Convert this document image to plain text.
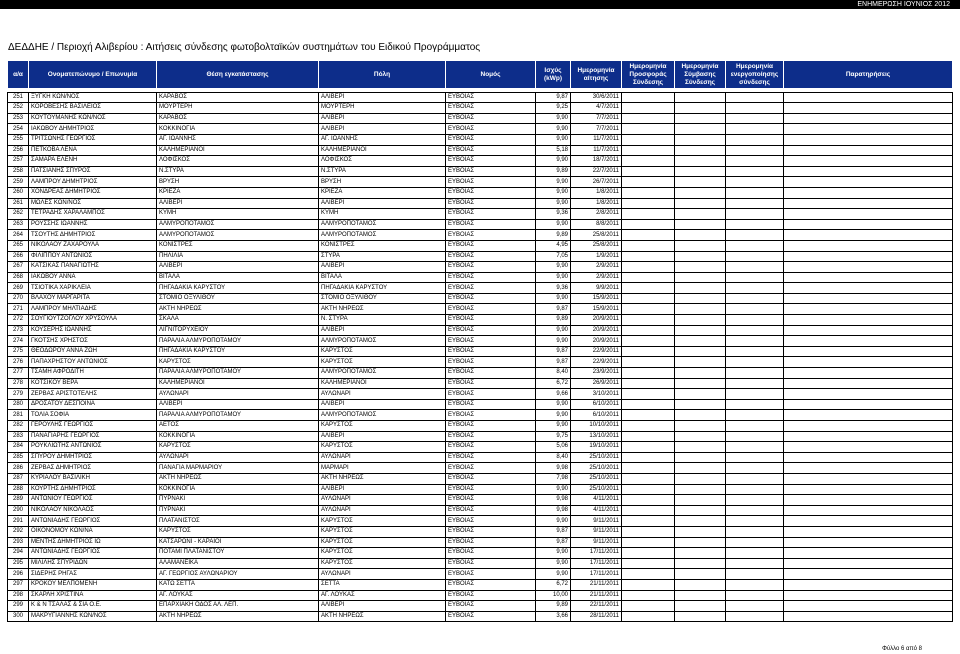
ΕΝΗΜΕΡΩΣΗ ΙΟΥΝΙΟΣ 2012
ΔΕΔΔΗΕ / Περιοχή Αλιβερίου : Αιτήσεις σύνδεσης φωτοβολταϊκών συστημάτων του Ειδικού Προγράμματος
α/α	Ονοματεπώνυμο / Επωνυμία	Θέση εγκατάστασης	Πόλη	Νομός	Ισχύς (kWp)	Ημερομηνία αίτησης	Ημερομηνία Προσφοράς Σύνδεσης	Ημερομηνία Σύμβασης Σύνδεσης	Ημερομηνία ενεργοποίησης σύνδεσης	Παρατηρήσεις

251	ΞΥΓΚΗ ΚΩΝ/ΝΟΣ	ΚΑΡΑΒΟΣ	ΑΛΙΒΕΡΙ	ΕΥΒΟΙΑΣ	9,87	30/6/2011				
252	ΚΟΡΟΒΕΣΗΣ ΒΑΣΙΛΕΙΟΣ	ΜΟΥΡΤΕΡΗ	ΜΟΥΡΤΕΡΗ	ΕΥΒΟΙΑΣ	9,25	4/7/2011				
253	ΚΟΥΤΟΥΜΑΝΗΣ ΚΩΝ/ΝΟΣ	ΚΑΡΑΒΟΣ	ΑΛΙΒΕΡΙ	ΕΥΒΟΙΑΣ	9,90	7/7/2011				
254	ΙΑΚΩΒΟΥ ΔΗΜΗΤΡΙΟΣ	ΚΟΚΚΙΝΟΓΙΑ	ΑΛΙΒΕΡΙ	ΕΥΒΟΙΑΣ	9,90	7/7/2011				
255	ΤΡΙΤΣΩΝΗΣ ΓΕΩΡΓΙΟΣ	ΑΓ. ΙΩΑΝΝΗΣ	ΑΓ. ΙΩΑΝΝΗΣ	ΕΥΒΟΙΑΣ	9,90	11/7/2011				
256	ΠΕΤΚΟΒΑ ΛΕΝΑ	ΚΑΛΗΜΕΡΙΑΝΟΙ	ΚΑΛΗΜΕΡΙΑΝΟΙ	ΕΥΒΟΙΑΣ	5,18	11/7/2011				
257	ΣΑΜΑΡΑ ΕΛΕΝΗ	ΛΟΦΙΣΚΟΣ	ΛΟΦΙΣΚΟΣ	ΕΥΒΟΙΑΣ	9,90	18/7/2011				
258	ΠΑΤΣΙΑΝΗΣ ΣΠΥΡΟΣ	Ν.ΣΤΥΡΑ	Ν.ΣΤΥΡΑ	ΕΥΒΟΙΑΣ	9,89	22/7/2011				
259	ΛΑΜΠΡΟΥ ΔΗΜΗΤΡΙΟΣ	ΒΡΥΣΗ	ΒΡΥΣΗ	ΕΥΒΟΙΑΣ	9,90	26/7/2011				
260	ΧΟΝΔΡΕΑΣ ΔΗΜΗΤΡΙΟΣ	ΚΡΙΕΖΑ	ΚΡΙΕΖΑ	ΕΥΒΟΙΑΣ	9,90	1/8/2011				
261	ΜΩΛΕΣ ΚΩΝ/ΝΟΣ	ΑΛΙΒΕΡΙ	ΑΛΙΒΕΡΙ	ΕΥΒΟΙΑΣ	9,90	1/8/2011				
262	ΤΕΤΡΑΔΗΣ ΧΑΡΑΛΑΜΠΟΣ	ΚΥΜΗ	ΚΥΜΗ	ΕΥΒΟΙΑΣ	9,36	2/8/2011				
263	ΡΟΥΣΣΗΣ ΙΩΑΝΝΗΣ	ΑΛΜΥΡΟΠΟΤΑΜΟΣ	ΑΛΜΥΡΟΠΟΤΑΜΟΣ	ΕΥΒΟΙΑΣ	9,90	8/8/2011				
264	ΤΣΟΥΤΗΣ ΔΗΜΗΤΡΙΟΣ	ΑΛΜΥΡΟΠΟΤΑΜΟΣ	ΑΛΜΥΡΟΠΟΤΑΜΟΣ	ΕΥΒΟΙΑΣ	9,89	25/8/2011				
265	ΝΙΚΟΛΑΟΥ ΖΑΧΑΡΟΥΛΑ	ΚΟΝΙΣΤΡΕΣ	ΚΟΝΙΣΤΡΕΣ	ΕΥΒΟΙΑΣ	4,95	25/8/2011				
266	ΦΙΛΙΠΠΟΥ ΑΝΤΩΝΙΟΣ	ΠΗΛΙΛΙΑ	ΣΤΥΡΑ	ΕΥΒΟΙΑΣ	7,05	1/9/2011				
267	ΚΑΤΣΙΚΑΣ ΠΑΝΑΓΙΩΤΗΣ	ΑΛΙΒΕΡΙ	ΑΛΙΒΕΡΙ	ΕΥΒΟΙΑΣ	9,90	2/9/2011				
268	ΙΑΚΩΒΟΥ ΑΝΝΑ	ΒΙΤΑΛΑ	ΒΙΤΑΛΑ	ΕΥΒΟΙΑΣ	9,90	2/9/2011				
269	ΤΣΙΟΤΙΚΑ ΧΑΡΙΚΛΕΙΑ	ΠΗΓΑΔΑΚΙΑ ΚΑΡΥΣΤΟΥ	ΠΗΓΑΔΑΚΙΑ ΚΑΡΥΣΤΟΥ	ΕΥΒΟΙΑΣ	9,36	9/9/2011				
270	ΒΛΑΧΟΥ ΜΑΡΓΑΡΙΤΑ	ΣΤΟΜΙΟ ΟΞΥΛΙΘΟΥ	ΣΤΟΜΙΟ ΟΞΥΛΙΘΟΥ	ΕΥΒΟΙΑΣ	9,90	15/9/2011				
271	ΛΑΜΠΡΟΥ ΜΗΛΤΙΑΔΗΣ	ΑΚΤΗ ΝΗΡΕΩΣ	ΑΚΤΗ ΝΗΡΕΩΣ	ΕΥΒΟΙΑΣ	9,87	15/9/2011				
272	ΣΟΥΓΙΟΥΤΖΟΓΛΟΥ ΧΡΥΣΟΥΛΑ	ΣΚΑΛΑ	Ν. ΣΤΥΡΑ	ΕΥΒΟΙΑΣ	9,89	20/9/2011				
273	ΚΟΥΣΕΡΗΣ ΙΩΑΝΝΗΣ	ΛΙΓΝΙΤΟΡΥΧΕΙΟΥ	ΑΛΙΒΕΡΙ	ΕΥΒΟΙΑΣ	9,90	20/9/2011				
274	ΓΚΟΤΣΗΣ ΧΡΗΣΤΟΣ	ΠΑΡΑΛΙΑ ΑΛΜΥΡΟΠΟΤΑΜΟΥ	ΑΛΜΥΡΟΠΟΤΑΜΟΣ	ΕΥΒΟΙΑΣ	9,90	20/9/2011				
275	ΘΕΟΔΩΡΟΥ ΑΝΝΑ ΖΩΗ	ΠΗΓΑΔΑΚΙΑ ΚΑΡΥΣΤΟΥ	ΚΑΡΥΣΤΟΣ	ΕΥΒΟΙΑΣ	9,87	22/9/2011				
276	ΠΑΠΑΧΡΗΣΤΟΥ ΑΝΤΩΝΙΟΣ	ΚΑΡΥΣΤΟΣ	ΚΑΡΥΣΤΟΣ	ΕΥΒΟΙΑΣ	9,87	22/9/2011				
277	ΤΣΑΜΗ ΑΦΡΟΔΙΤΗ	ΠΑΡΑΛΙΑ ΑΛΜΥΡΟΠΟΤΑΜΟΥ	ΑΛΜΥΡΟΠΟΤΑΜΟΣ	ΕΥΒΟΙΑΣ	8,40	23/9/2011				
278	ΚΟΤΣΙΚΟΥ ΒΕΡΑ	ΚΑΛΗΜΕΡΙΑΝΟΙ	ΚΑΛΗΜΕΡΙΑΝΟΙ	ΕΥΒΟΙΑΣ	6,72	26/9/2011				
279	ΖΕΡΒΑΣ ΑΡΙΣΤΟΤΕΛΗΣ	ΑΥΛΩΝΑΡΙ	ΑΥΛΩΝΑΡΙ	ΕΥΒΟΙΑΣ	9,66	3/10/2011				
280	ΔΡΟΣΑΤΟΥ ΔΕΣΠΟΙΝΑ	ΑΛΙΒΕΡΙ	ΑΛΙΒΕΡΙ	ΕΥΒΟΙΑΣ	9,90	6/10/2011				
281	ΤΟΛΙΑ ΣΟΦΙΑ	ΠΑΡΑΛΙΑ ΑΛΜΥΡΟΠΟΤΑΜΟΥ	ΑΛΜΥΡΟΠΟΤΑΜΟΣ	ΕΥΒΟΙΑΣ	9,90	6/10/2011				
282	ΓΕΡΟΥΛΗΣ ΓΕΩΡΓΙΟΣ	ΑΕΤΟΣ	ΚΑΡΥΣΤΟΣ	ΕΥΒΟΙΑΣ	9,90	10/10/2011				
283	ΠΑΝΑΓΙΑΡΗΣ ΓΕΩΡΓΙΟΣ	ΚΟΚΚΙΝΟΓΙΑ	ΑΛΙΒΕΡΙ	ΕΥΒΟΙΑΣ	9,75	13/10/2011				
284	ΡΟΥΚΛΙΩΤΗΣ ΑΝΤΩΝΙΟΣ	ΚΑΡΥΣΤΟΣ	ΚΑΡΥΣΤΟΣ	ΕΥΒΟΙΑΣ	5,06	19/10/2011				
285	ΣΠΥΡΟΥ ΔΗΜΗΤΡΙΟΣ	ΑΥΛΩΝΑΡΙ	ΑΥΛΩΝΑΡΙ	ΕΥΒΟΙΑΣ	8,40	25/10/2011				
286	ΖΕΡΒΑΣ ΔΗΜΗΤΡΙΟΣ	ΠΑΝΑΓΙΑ ΜΑΡΜΑΡΙΟΥ	ΜΑΡΜΑΡΙ	ΕΥΒΟΙΑΣ	9,98	25/10/2011				
287	ΚΥΡΙΑΛΟΥ ΒΑΣΙΛΙΚΗ	ΑΚΤΗ ΝΗΡΕΩΣ	ΑΚΤΗ ΝΗΡΕΩΣ	ΕΥΒΟΙΑΣ	7,98	25/10/2011				
288	ΚΟΥΡΤΗΣ ΔΗΜΗΤΡΙΟΣ	ΚΟΚΚΙΝΟΓΙΑ	ΑΛΙΒΕΡΙ	ΕΥΒΟΙΑΣ	9,90	25/10/2011				
289	ΑΝΤΩΝΙΟΥ ΓΕΩΡΓΙΟΣ	ΠΥΡΝΑΚΙ	ΑΥΛΩΝΑΡΙ	ΕΥΒΟΙΑΣ	9,98	4/11/2011				
290	ΝΙΚΟΛΑΟΥ ΝΙΚΟΛΑΟΣ	ΠΥΡΝΑΚΙ	ΑΥΛΩΝΑΡΙ	ΕΥΒΟΙΑΣ	9,98	4/11/2011				
291	ΑΝΤΩΝΙΑΔΗΣ ΓΕΩΡΓΙΟΣ	ΠΛΑΤΑΝΙΣΤΟΣ	ΚΑΡΥΣΤΟΣ	ΕΥΒΟΙΑΣ	9,90	9/11/2011				
292	ΟΙΚΟΝΟΜΟΥ ΚΩΝ/ΝΑ	ΚΑΡΥΣΤΟΣ	ΚΑΡΥΣΤΟΣ	ΕΥΒΟΙΑΣ	9,87	9/11/2011				
293	ΜΕΝΤΗΣ ΔΗΜΗΤΡΙΟΣ ΙΩ	ΚΑΤΣΑΡΩΝΙ - ΚΑΡΑΙΟΙ	ΚΑΡΥΣΤΟΣ	ΕΥΒΟΙΑΣ	9,87	9/11/2011				
294	ΑΝΤΩΝΙΑΔΗΣ ΓΕΩΡΓΙΟΣ	ΠΟΤΑΜΙ ΠΛΑΤΑΝΙΣΤΟΥ	ΚΑΡΥΣΤΟΣ	ΕΥΒΟΙΑΣ	9,90	17/11/2011				
295	ΜΙΛΙΛΗΣ ΣΠΥΡΙΔΩΝ	ΑΛΑΜΑΝΕΪΚΑ	ΚΑΡΥΣΤΟΣ	ΕΥΒΟΙΑΣ	9,90	17/11/2011				
296	ΣΙΔΕΡΗΣ ΡΗΓΑΣ	ΑΓ. ΓΕΩΡΓΙΟΣ ΑΥΛΩΝΑΡΙΟΥ	ΑΥΛΩΝΑΡΙ	ΕΥΒΟΙΑΣ	9,90	17/11/2011				
297	ΚΡΟΚΟΥ ΜΕΛΠΟΜΕΝΗ	ΚΑΤΩ ΣΕΤΤΑ	ΣΕΤΤΑ	ΕΥΒΟΙΑΣ	6,72	21/11/2011				
298	ΣΚΑΡΛΗ ΧΡΙΣΤΙΝΑ	ΑΓ. ΛΟΥΚΑΣ	ΑΓ. ΛΟΥΚΑΣ	ΕΥΒΟΙΑΣ	10,00	21/11/2011				
299	Κ & Ν ΤΣΑΛΑΣ & ΣΙΑ Ο.Ε.	ΕΠΑΡΧΙΑΚΗ ΟΔΟΣ ΑΛ. ΛΕΠ.	ΑΛΙΒΕΡΙ	ΕΥΒΟΙΑΣ	9,89	22/11/2011				
300	ΜΑΚΡΥΓΙΑΝΝΗΣ ΚΩΝ/ΝΟΣ	ΑΚΤΗ ΝΗΡΕΩΣ	ΑΚΤΗ ΝΗΡΕΩΣ	ΕΥΒΟΙΑΣ	3,66	28/11/2011				
Φύλλο 6 από 8
